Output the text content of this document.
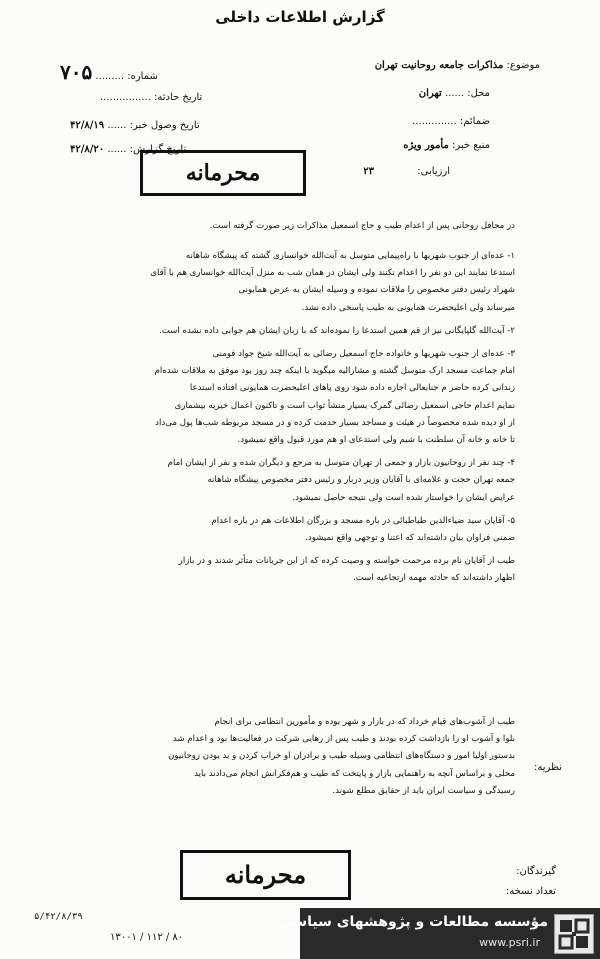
گزارش اطلاعات داخلی
موضوع: مذاکرات جامعه روحانیت تهران
محل: ...... تهران
ضمائم: ..............
منبع خبر: مأمور ویژه
ارزیابی: ۲۳
شماره: ......... ۷۰۵
تاریخ حادثه: ................
تاریخ وصول خبر: ...... ۴۲/۸/۱۹
تاریخ گزارش: ...... ۴۲/۸/۲۰
محرمانه
در محافل روحانی پس از اعدام طیب و حاج اسمعیل مذاکرات زیر صورت گرفته است.

۱- عده‌ای از جنوب شهریها با راه‌پیمایی متوسل به آیت‌الله خوانساری گشته که پیشگاه شاهانه
استدعا نمایند این دو نفر را اعدام نکنند ولی ایشان در همان شب به منزل آیت‌الله خوانساری هم با آقای
شهراد رئیس دفتر مخصوص را ملاقات نموده و وسیله ایشان به عرض همایونی
میرساند ولی اعلیحضرت همایونی به طیب پاسخی داده نشد.

۲- آیت‌الله گلپایگانی نیز از قم همین استدعا را نموده‌اند که با زبان ایشان هم جوابی داده نشده است.

۳- عده‌ای از جنوب شهریها و خانواده حاج اسمعیل رضائی به آیت‌الله شیخ جواد فومنی
امام جماعت مسجد ارک متوسل گشته و مشارالیه میگوید با اینکه چند روز بود موفق به ملاقات شده‌ام
زندانی کرده حاضر م جنابعالی اجازه داده شود روی پاهای اعلیحضرت همایونی افتاده استدعا
نمایم اعدام حاجی اسمعیل رضائی گمرک بسیار منشأ ثواب است و تاکنون اعمال خیریه بیشماری
از او دیده شده مخصوصاً در هیئت و مساجد بسیار خدمت کرده و در مسجد مربوطه شب‌ها پول می‌داد
تا خانه و خانه آن سلطنت با شیم ولی استدعای او هم مورد قبول واقع نمیشود.

۴- چند نفر از روحانیون بازار و جمعی از تهران متوسل به مرجع و دیگران شده و نفر از ایشان امام
جمعه تهران حجت و علامه‌ای با آقایان وزیر دربار و رئیس دفتر مخصوص پیشگاه شاهانه
عرایض ایشان را خواستار شده است ولی نتیجه حاصل نمیشود.

۵- آقایان سید ضیاءالدین طباطبائی در باره مسجد و بزرگان اطلاعات هم در باره اعدام
ضمنی فراوان بیان داشته‌اند که اعتنا و توجهی واقع نمیشود.

طیب از آقایان نام برده مرحمت خواسته و وصیت کرده که از این جریانات متأثر شدند و در بازار
اظهار داشته‌اند که حادثه مهمه ارتجاعیه است.

نظریه:
طیب از آشوب‌های قیام خرداد که در بازار و شهر بوده و مأمورین انتظامی برای انجام
بلوا و آشوب او را بازداشت کرده بودند و طیب پس از رهایی شرکت در فعالیت‌ها بود و اعدام شد
بدستور اولیا امور و دستگاه‌های انتظامی وسیله طیب و برادران او خراب کردن و بد بودن روحانیون
محلی و براساس آنچه به راهنمایی بازار و پایتخت که طیب و هم‌فکرانش انجام می‌دادند باید
رسیدگی و سیاست ایران باید از حقایق مطلع شوند.
محرمانه	گیرندگان:
تعداد نسخه:
۵/۴۲/۸/۳۹
۱۳۰۰۱ / ۱۱۲ / ۸۰
مؤسسه مطالعات و پژوهشهای سیاسی
www.psri.ir
